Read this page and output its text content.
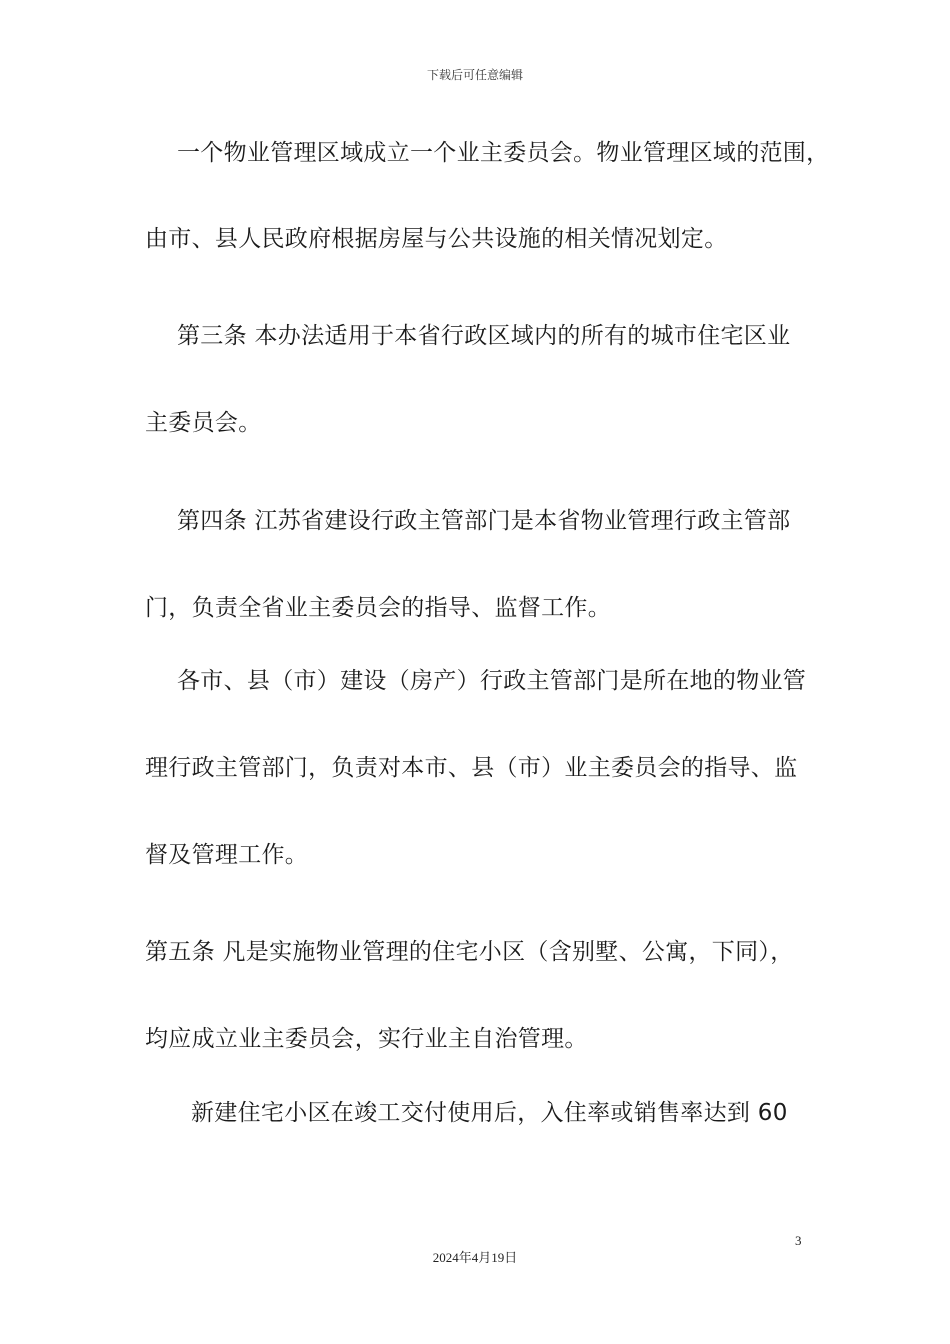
下载后可任意编辑
一个物业管理区域成立一个业主委员会。物业管理区域的范围，
由市、县人民政府根据房屋与公共设施的相关情况划定。
第三条 本办法适用于本省行政区域内的所有的城市住宅区业
主委员会。
第四条 江苏省建设行政主管部门是本省物业管理行政主管部
门，负责全省业主委员会的指导、监督工作。
各市、县（市）建设（房产）行政主管部门是所在地的物业管
理行政主管部门，负责对本市、县（市）业主委员会的指导、监
督及管理工作。
第五条 凡是实施物业管理的住宅小区（含别墅、公寓，下同），
均应成立业主委员会，实行业主自治管理。
新建住宅小区在竣工交付使用后，入住率或销售率达到 60
3
2024年4月19日
